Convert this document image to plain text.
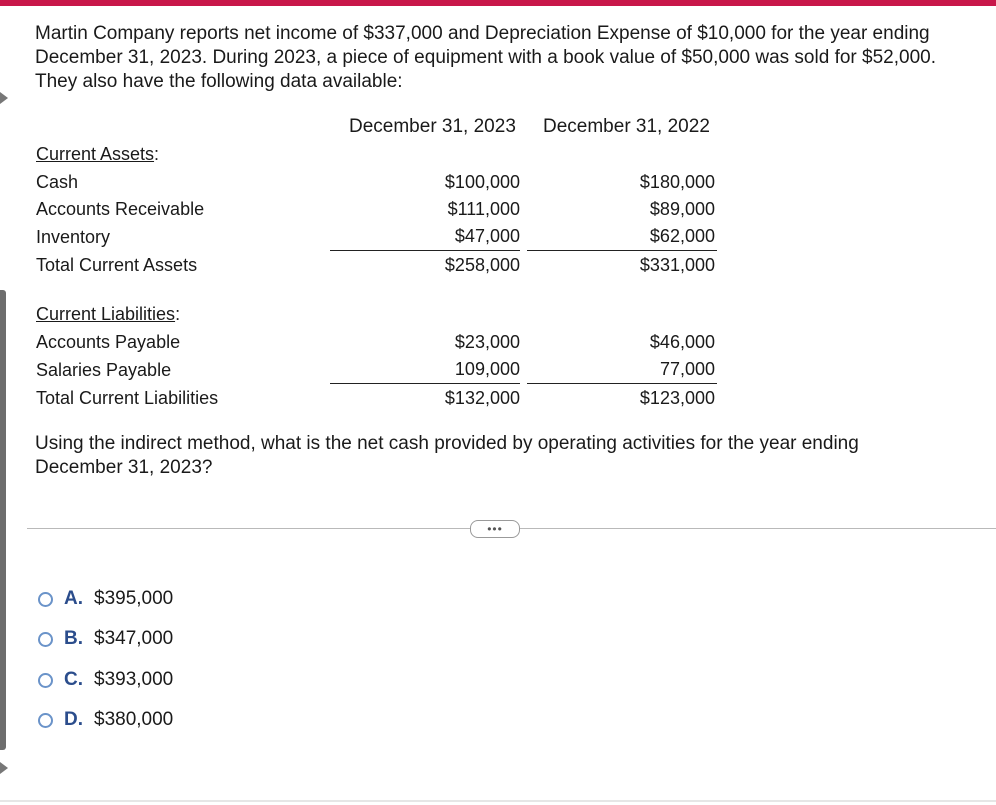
Martin Company reports net income of $337,000 and Depreciation Expense of $10,000 for the year ending December 31, 2023. During 2023, a piece of equipment with a book value of $50,000 was sold for $52,000. They also have the following data available:
December 31, 2023 December 31, 2022
Current Assets:
Cash	$100,000	$180,000
Accounts Receivable	$111,000	$89,000
Inventory	$47,000	$62,000
Total Current Assets	$258,000	$331,000
Current Liabilities:
Accounts Payable	$23,000	$46,000
Salaries Payable	109,000	77,000
Total Current Liabilities	$132,000	$123,000
Using the indirect method, what is the net cash provided by operating activities for the year ending December 31, 2023?
•••
A. $395,000
B. $347,000
C. $393,000
D. $380,000
